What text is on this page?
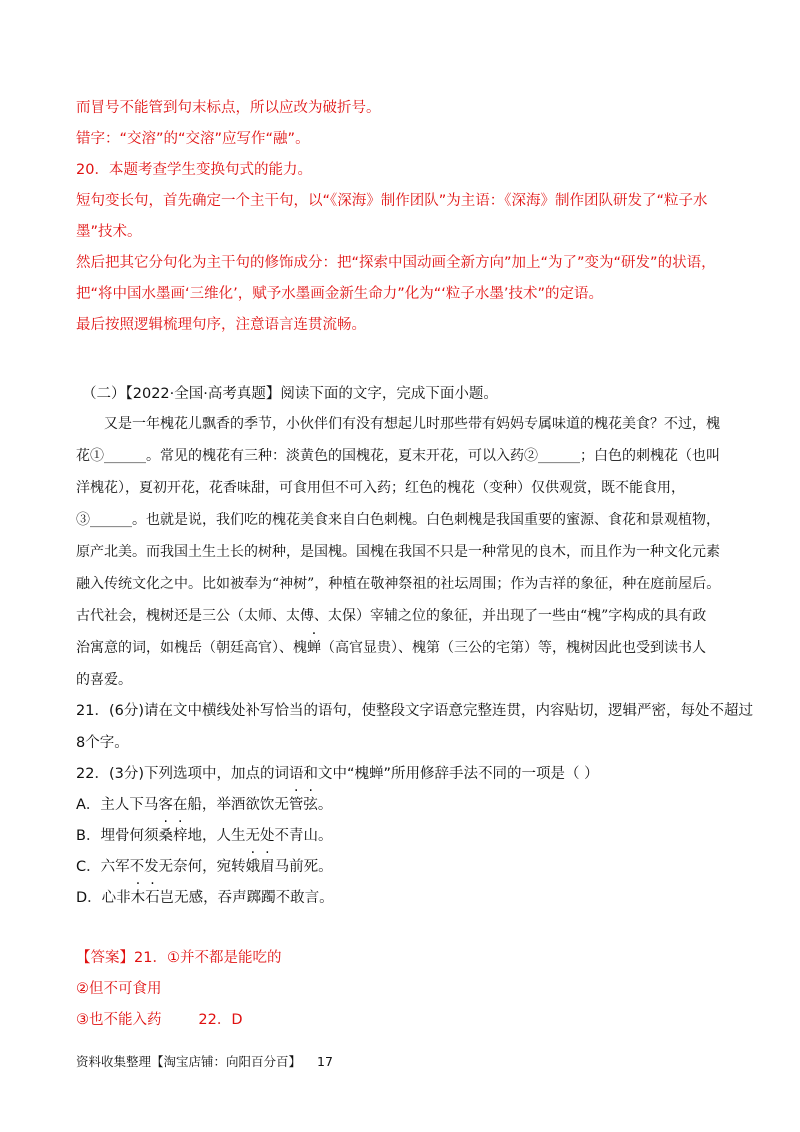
而冒号不能管到句末标点，所以应改为破折号。
错字：“交溶”的“交溶”应写作“融”。
20．本题考查学生变换句式的能力。
短句变长句，首先确定一个主干句，以“《深海》制作团队”为主语：《深海》制作团队研发了“粒子水
墨”技术。
然后把其它分句化为主干句的修饰成分：把“探索中国动画全新方向”加上“为了”变为“研发”的状语，
把“将中国水墨画‘三维化’，赋予水墨画金新生命力”化为“‘粒子水墨’技术”的定语。
最后按照逻辑梳理句序，注意语言连贯流畅。
（二）【2022·全国·高考真题】阅读下面的文字，完成下面小题。
又是一年槐花儿飘香的季节，小伙伴们有没有想起儿时那些带有妈妈专属味道的槐花美食？不过，槐
花①______。常见的槐花有三种：淡黄色的国槐花，夏末开花，可以入药②______；白色的刺槐花（也叫
洋槐花），夏初开花，花香味甜，可食用但不可入药；红色的槐花（变种）仅供观赏，既不能食用，
③______。也就是说，我们吃的槐花美食来自白色刺槐。白色刺槐是我国重要的蜜源、食花和景观植物，
原产北美。而我国土生土长的树种，是国槐。国槐在我国不只是一种常见的良木，而且作为一种文化元素
融入传统文化之中。比如被奉为“神树”，种植在敬神祭祖的社坛周围；作为吉祥的象征，种在庭前屋后。
古代社会，槐树还是三公（太师、太傅、太保）宰辅之位的象征，并出现了一些由“槐”字构成的具有政
治寓意的词，如槐岳（朝廷高官）、槐蝉（高官显贵）、槐第（三公的宅第）等，槐树因此也受到读书人
的喜爱。
21．(6分)请在文中横线处补写恰当的语句，使整段文字语意完整连贯，内容贴切，逻辑严密，每处不超过
8个字。
22．(3分)下列选项中，加点的词语和文中“槐蝉”所用修辞手法不同的一项是（ ）
A．主人下马客在船，举酒欲饮无管弦。
B．埋骨何须桑梓地，人生无处不青山。
C．六军不发无奈何，宛转娥眉马前死。
D．心非木石岂无感，吞声踯躅不敢言。
【答案】21．①并不都是能吃的
②但不可食用
③也不能入药        22．D
资料收集整理【淘宝店铺：向阳百分百】 17
